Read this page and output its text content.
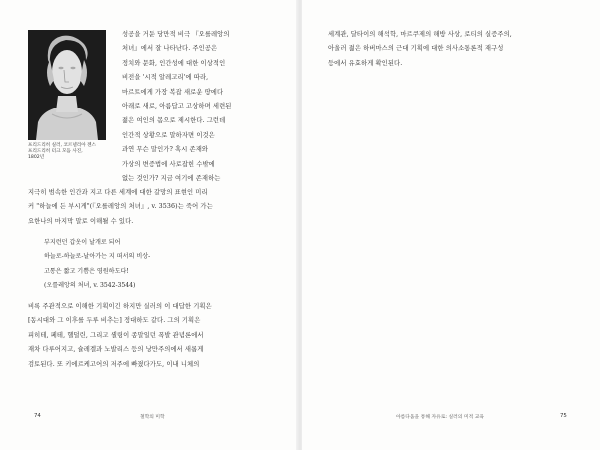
프리드리히 실러, 코르넬리아 젠스
프리드리히 터크 모듬 사진,
1802년
성공을 거둔 당만적 비극 『오를레앙의
처녀』에서 잘 나타난다. 주인공은
정치와 문화, 인간성에 대한 이상적인
비전을 '시적 알레고리'에 따라,
마르트에게 가장 복잡 새로운 땅에다
아래로 새로, 아름답고 고상하며 세련된
젊은 여인의 몸으로 제시한다. 그런데
인간적 상황으로 말하자면 이것은
과연 무슨 말인가? 혹시 존재와
가상의 변증법에 사로잡힌 수밖에
없는 것인가? 지금 여기에 존재하는
지극히 범속한 인간과 지고 다른 세계에 대한 갈망의 표현인 미리
커 "하늘에 든 부시게"(『오를레앙의 처녀』, v. 3536)는 죽어 가는
요한나의 마지막 말로 이해될 수 있다.
부지런던 갑옷이 날개로 되어
하늘로-하늘로-날아가는 지 떠서의 비상-
고통은 짧고 기쁨은 영원하도다!
(오를레앙의 처녀, v. 3542-3544)
비록 주관적으로 이해한 기획이긴 하지만 실러의 이 대답한 기획은
[동시대와 그 이후를 두루 비추는] 정대하도 같다. 그의 기획은
피히테, 페테, 헬덜린, 그리고 셸링이 종말일던 폭발 관념론에서
재차 다루어지고, 슐레겔과 노발리스 등의 낭만주의에서 새롭게
검토된다. 또 키에르케고어의 저주에 빠졌다가도, 이내 니체의
74	철학의 미학
세계관, 달타이의 해석학, 마르쿠제의 해방 사상, 로티의 실증주의,
아울러 젊은 하버마스의 근대 기획에 대한 의사소통론적 재구성
등에서 유효하게 확인된다.
아름다움을 통해 자유로: 실러의 미적 교육	75
